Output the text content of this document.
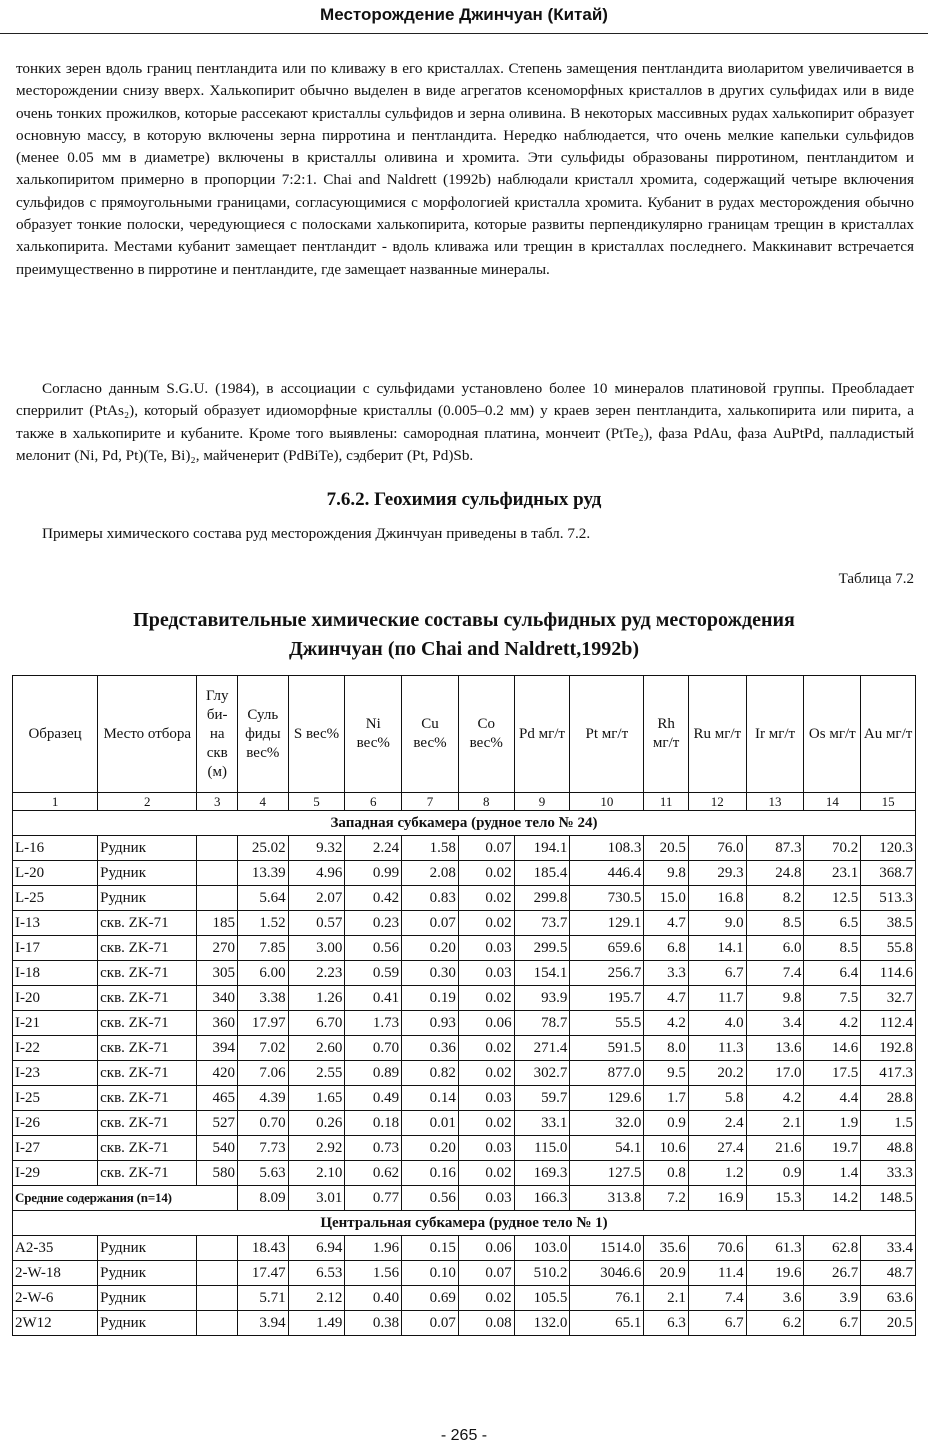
Месторождение Джинчуан (Китай)

тонких зерен вдоль границ пентландита или по кливажу в его кристаллах. Степень замещения пентландита виоларитом увеличивается в месторождении снизу вверх. Халькопирит обычно выделен в виде агрегатов ксеноморфных кристаллов в других сульфидах или в виде очень тонких прожилков, которые рассекают кристаллы сульфидов и зерна оливина. В некоторых массивных рудах халькопирит образует основную массу, в которую включены зерна пирротина и пентландита. Нередко наблюдается, что очень мелкие капельки сульфидов (менее 0.05 мм в диаметре) включены в кристаллы оливина и хромита. Эти сульфиды образованы пирротином, пентландитом и халькопиритом примерно в пропорции 7:2:1. Chai and Naldrett (1992b) наблюдали кристалл хромита, содержащий четыре включения сульфидов с прямоугольными границами, согласующимися с морфологией кристалла хромита. Кубанит в рудах месторождения обычно образует тонкие полоски, чередующиеся с полосками халькопирита, которые развиты перпендикулярно границам трещин в кристаллах халькопирита. Местами кубанит замещает пентландит - вдоль кливажа или трещин в кристаллах последнего. Маккинавит встречается преимущественно в пирротине и пентландите, где замещает названные минералы.

Согласно данным S.G.U. (1984), в ассоциации с сульфидами установлено более 10 минералов платиновой группы. Преобладает сперрилит (PtAs₂), который образует идиоморфные кристаллы (0.005–0.2 мм) у краев зерен пентландита, халькопирита или пирита, а также в халькопирите и кубаните. Кроме того выявлены: самородная платина, мончеит (PtTe₂), фаза PdAu, фаза AuPtPd, палладистый мелонит (Ni, Pd, Pt)(Te, Bi)₂, майченерит (PdBiTe), сэдберит (Pt, Pd)Sb.

7.6.2. Геохимия сульфидных руд

Примеры химического состава руд месторождения Джинчуан приведены в табл. 7.2.

Таблица 7.2

Представительные химические составы сульфидных руд месторождения
Джинчуан (по Chai and Naldrett,1992b)
Образец	Место отбора	Глу би- на скв (м)	Суль фиды вес%	S вес%	Ni вес%	Cu вес%	Co вес%	Pd мг/т	Pt мг/т	Rh мг/т	Ru мг/т	Ir мг/т	Os мг/т	Au мг/т
1	2	3	4	5	6	7	8	9	10	11	12	13	14	15
Западная субкамера (рудное тело № 24)														
L-16	Рудник		25.02	9.32	2.24	1.58	0.07	194.1	108.3	20.5	76.0	87.3	70.2	120.3
L-20	Рудник		13.39	4.96	0.99	2.08	0.02	185.4	446.4	9.8	29.3	24.8	23.1	368.7
L-25	Рудник		5.64	2.07	0.42	0.83	0.02	299.8	730.5	15.0	16.8	8.2	12.5	513.3
I-13	скв. ZK-71	185	1.52	0.57	0.23	0.07	0.02	73.7	129.1	4.7	9.0	8.5	6.5	38.5
I-17	скв. ZK-71	270	7.85	3.00	0.56	0.20	0.03	299.5	659.6	6.8	14.1	6.0	8.5	55.8
I-18	скв. ZK-71	305	6.00	2.23	0.59	0.30	0.03	154.1	256.7	3.3	6.7	7.4	6.4	114.6
I-20	скв. ZK-71	340	3.38	1.26	0.41	0.19	0.02	93.9	195.7	4.7	11.7	9.8	7.5	32.7
I-21	скв. ZK-71	360	17.97	6.70	1.73	0.93	0.06	78.7	55.5	4.2	4.0	3.4	4.2	112.4
I-22	скв. ZK-71	394	7.02	2.60	0.70	0.36	0.02	271.4	591.5	8.0	11.3	13.6	14.6	192.8
I-23	скв. ZK-71	420	7.06	2.55	0.89	0.82	0.02	302.7	877.0	9.5	20.2	17.0	17.5	417.3
I-25	скв. ZK-71	465	4.39	1.65	0.49	0.14	0.03	59.7	129.6	1.7	5.8	4.2	4.4	28.8
I-26	скв. ZK-71	527	0.70	0.26	0.18	0.01	0.02	33.1	32.0	0.9	2.4	2.1	1.9	1.5
I-27	скв. ZK-71	540	7.73	2.92	0.73	0.20	0.03	115.0	54.1	10.6	27.4	21.6	19.7	48.8
I-29	скв. ZK-71	580	5.63	2.10	0.62	0.16	0.02	169.3	127.5	0.8	1.2	0.9	1.4	33.3
Средние содержания (n=14)			8.09	3.01	0.77	0.56	0.03	166.3	313.8	7.2	16.9	15.3	14.2	148.5
Центральная субкамера (рудное тело № 1)														
A2-35	Рудник		18.43	6.94	1.96	0.15	0.06	103.0	1514.0	35.6	70.6	61.3	62.8	33.4
2-W-18	Рудник		17.47	6.53	1.56	0.10	0.07	510.2	3046.6	20.9	11.4	19.6	26.7	48.7
2-W-6	Рудник		5.71	2.12	0.40	0.69	0.02	105.5	76.1	2.1	7.4	3.6	3.9	63.6
2W12	Рудник		3.94	1.49	0.38	0.07	0.08	132.0	65.1	6.3	6.7	6.2	6.7	20.5

- 265 -
